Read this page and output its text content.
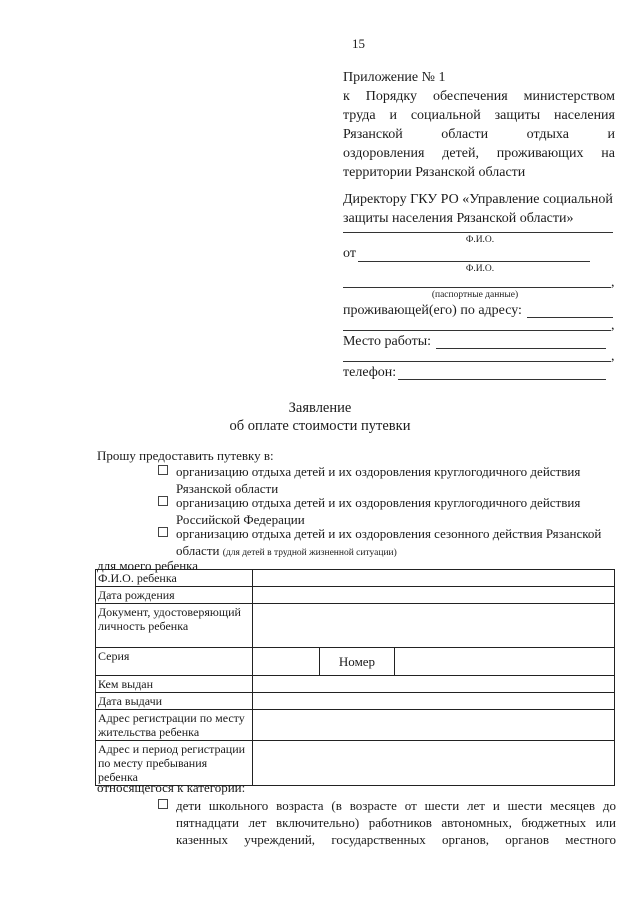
15
Приложение № 1
к Порядку обеспечения министерством
труда и социальной защиты населения
Рязанской области отдыха и
оздоровления детей, проживающих на
территории Рязанской области
Директору ГКУ РО «Управление социальной
защиты населения Рязанской области»
Ф.И.О.
от
Ф.И.О.
,
(паспортные данные)
проживающей(его) по адресу:
,
Место работы:
,
телефон:
Заявление
об оплате стоимости путевки
Прошу предоставить путевку в:
организацию отдыха детей и их оздоровления круглогодичного действия
Рязанской области
организацию отдыха детей и их оздоровления круглогодичного действия
Российской Федерации
организацию отдыха детей и их оздоровления сезонного действия Рязанской
области (для детей в трудной жизненной ситуации)
для моего ребенка
Ф.И.О. ребенка			
Дата рождения			
Документ, удостоверяющий личность ребенка			
Серия		Номер	
Кем выдан			
Дата выдачи			
Адрес регистрации по месту жительства ребенка			
Адрес и период регистрации по месту пребывания ребенка			
относящегося к категории:
дети школьного возраста (в возрасте от шести лет и шести месяцев до
пятнадцати лет включительно) работников автономных, бюджетных или
казенных учреждений, государственных органов, органов местного
